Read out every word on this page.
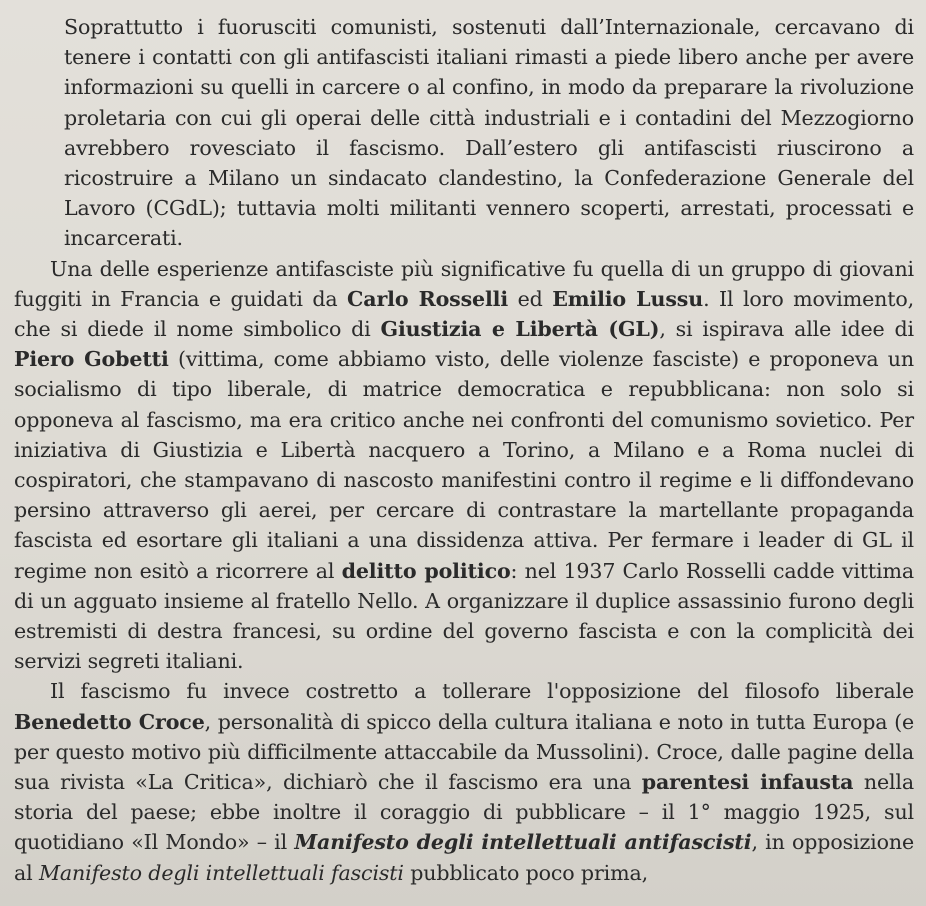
Soprattutto i fuorusciti comunisti, sostenuti dall’Internazionale, cercavano di tenere i contatti con gli antifascisti italiani rimasti a piede libero anche per avere informazioni su quelli in carcere o al confino, in modo da preparare la rivoluzione proletaria con cui gli operai delle città industriali e i contadini del Mezzogiorno avrebbero rovesciato il fascismo. Dall’estero gli antifascisti riuscirono a ricostruire a Milano un sindacato clandestino, la Confederazione Generale del Lavoro (CGdL); tuttavia molti militanti vennero scoperti, arrestati, processati e incarcerati.

Una delle esperienze antifasciste più significative fu quella di un gruppo di giovani fuggiti in Francia e guidati da Carlo Rosselli ed Emilio Lussu. Il loro movimento, che si diede il nome simbolico di Giustizia e Libertà (GL), si ispirava alle idee di Piero Gobetti (vittima, come abbiamo visto, delle violenze fasciste) e proponeva un socialismo di tipo liberale, di matrice democratica e repubblicana: non solo si opponeva al fascismo, ma era critico anche nei confronti del comunismo sovietico. Per iniziativa di Giustizia e Libertà nacquero a Torino, a Milano e a Roma nuclei di cospiratori, che stampavano di nascosto manifestini contro il regime e li diffondevano persino attraverso gli aerei, per cercare di contrastare la martellante propaganda fascista ed esortare gli italiani a una dissidenza attiva. Per fermare i leader di GL il regime non esitò a ricorrere al delitto politico: nel 1937 Carlo Rosselli cadde vittima di un agguato insieme al fratello Nello. A organizzare il duplice assassinio furono degli estremisti di destra francesi, su ordine del governo fascista e con la complicità dei servizi segreti italiani.

Il fascismo fu invece costretto a tollerare l'opposizione del filosofo liberale Benedetto Croce, personalità di spicco della cultura italiana e noto in tutta Europa (e per questo motivo più difficilmente attaccabile da Mussolini). Croce, dalle pagine della sua rivista «La Critica», dichiarò che il fascismo era una parentesi infausta nella storia del paese; ebbe inoltre il coraggio di pubblicare – il 1° maggio 1925, sul quotidiano «Il Mondo» – il Manifesto degli intellettuali antifascisti, in opposizione al Manifesto degli intellettuali fascisti pubblicato poco prima,
